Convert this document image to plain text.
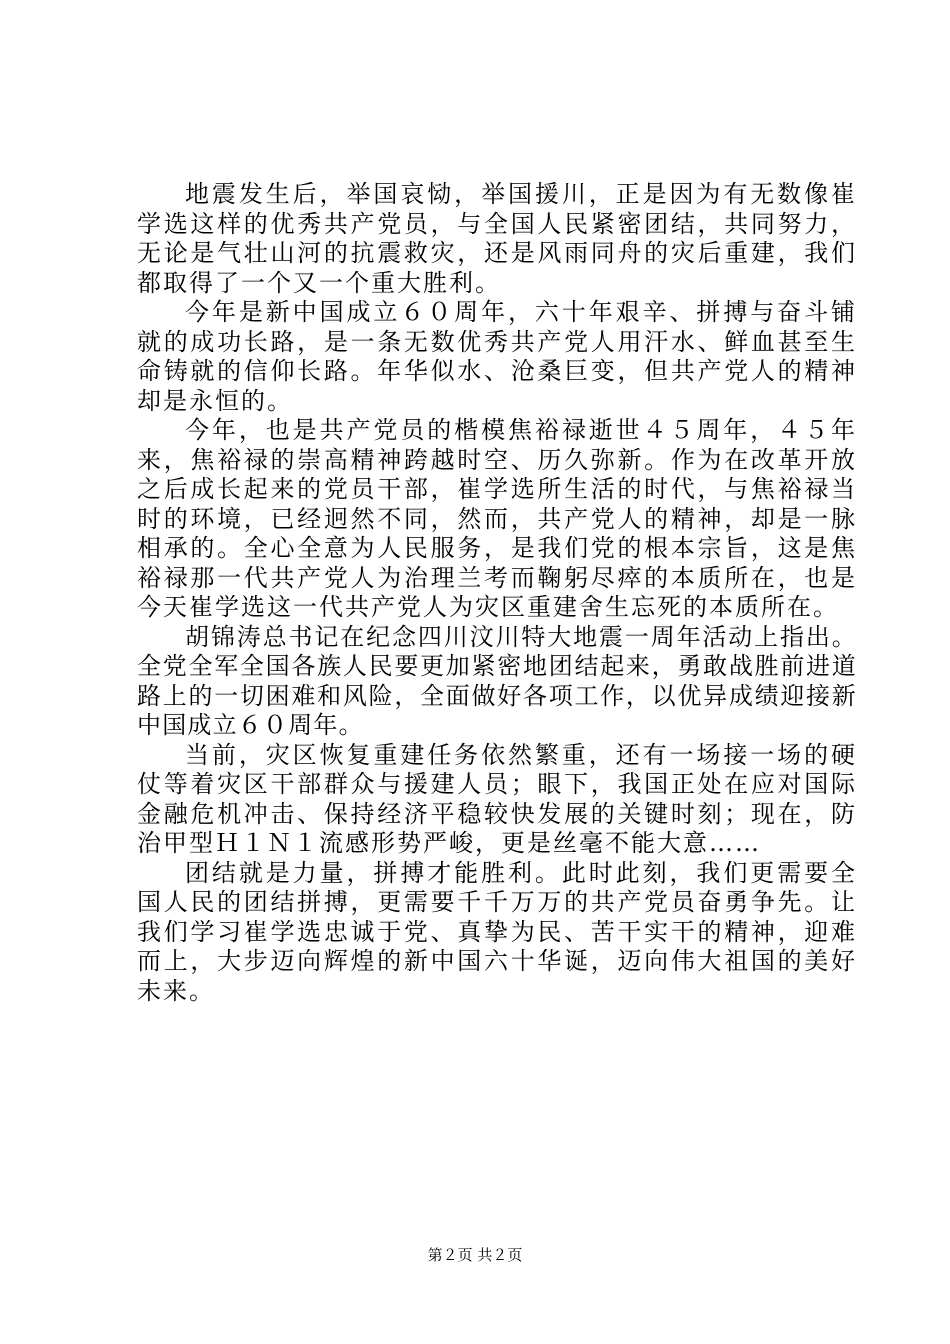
地震发生后，举国哀恸，举国援川，正是因为有无数像崔学选这样的优秀共产党员，与全国人民紧密团结，共同努力，无论是气壮山河的抗震救灾，还是风雨同舟的灾后重建，我们都取得了一个又一个重大胜利。

今年是新中国成立６０周年，六十年艰辛、拼搏与奋斗铺就的成功长路，是一条无数优秀共产党人用汗水、鲜血甚至生命铸就的信仰长路。年华似水、沧桑巨变，但共产党人的精神却是永恒的。

今年，也是共产党员的楷模焦裕禄逝世４５周年，４５年来，焦裕禄的崇高精神跨越时空、历久弥新。作为在改革开放之后成长起来的党员干部，崔学选所生活的时代，与焦裕禄当时的环境，已经迥然不同，然而，共产党人的精神，却是一脉相承的。全心全意为人民服务，是我们党的根本宗旨，这是焦裕禄那一代共产党人为治理兰考而鞠躬尽瘁的本质所在，也是今天崔学选这一代共产党人为灾区重建舍生忘死的本质所在。

胡锦涛总书记在纪念四川汶川特大地震一周年活动上指出。全党全军全国各族人民要更加紧密地团结起来，勇敢战胜前进道路上的一切困难和风险，全面做好各项工作，以优异成绩迎接新中国成立６０周年。

当前，灾区恢复重建任务依然繁重，还有一场接一场的硬仗等着灾区干部群众与援建人员；眼下，我国正处在应对国际金融危机冲击、保持经济平稳较快发展的关键时刻；现在，防治甲型Ｈ１Ｎ１流感形势严峻，更是丝毫不能大意……

团结就是力量，拼搏才能胜利。此时此刻，我们更需要全国人民的团结拼搏，更需要千千万万的共产党员奋勇争先。让我们学习崔学选忠诚于党、真挚为民、苦干实干的精神，迎难而上，大步迈向辉煌的新中国六十华诞，迈向伟大祖国的美好未来。

第２页 共２页
